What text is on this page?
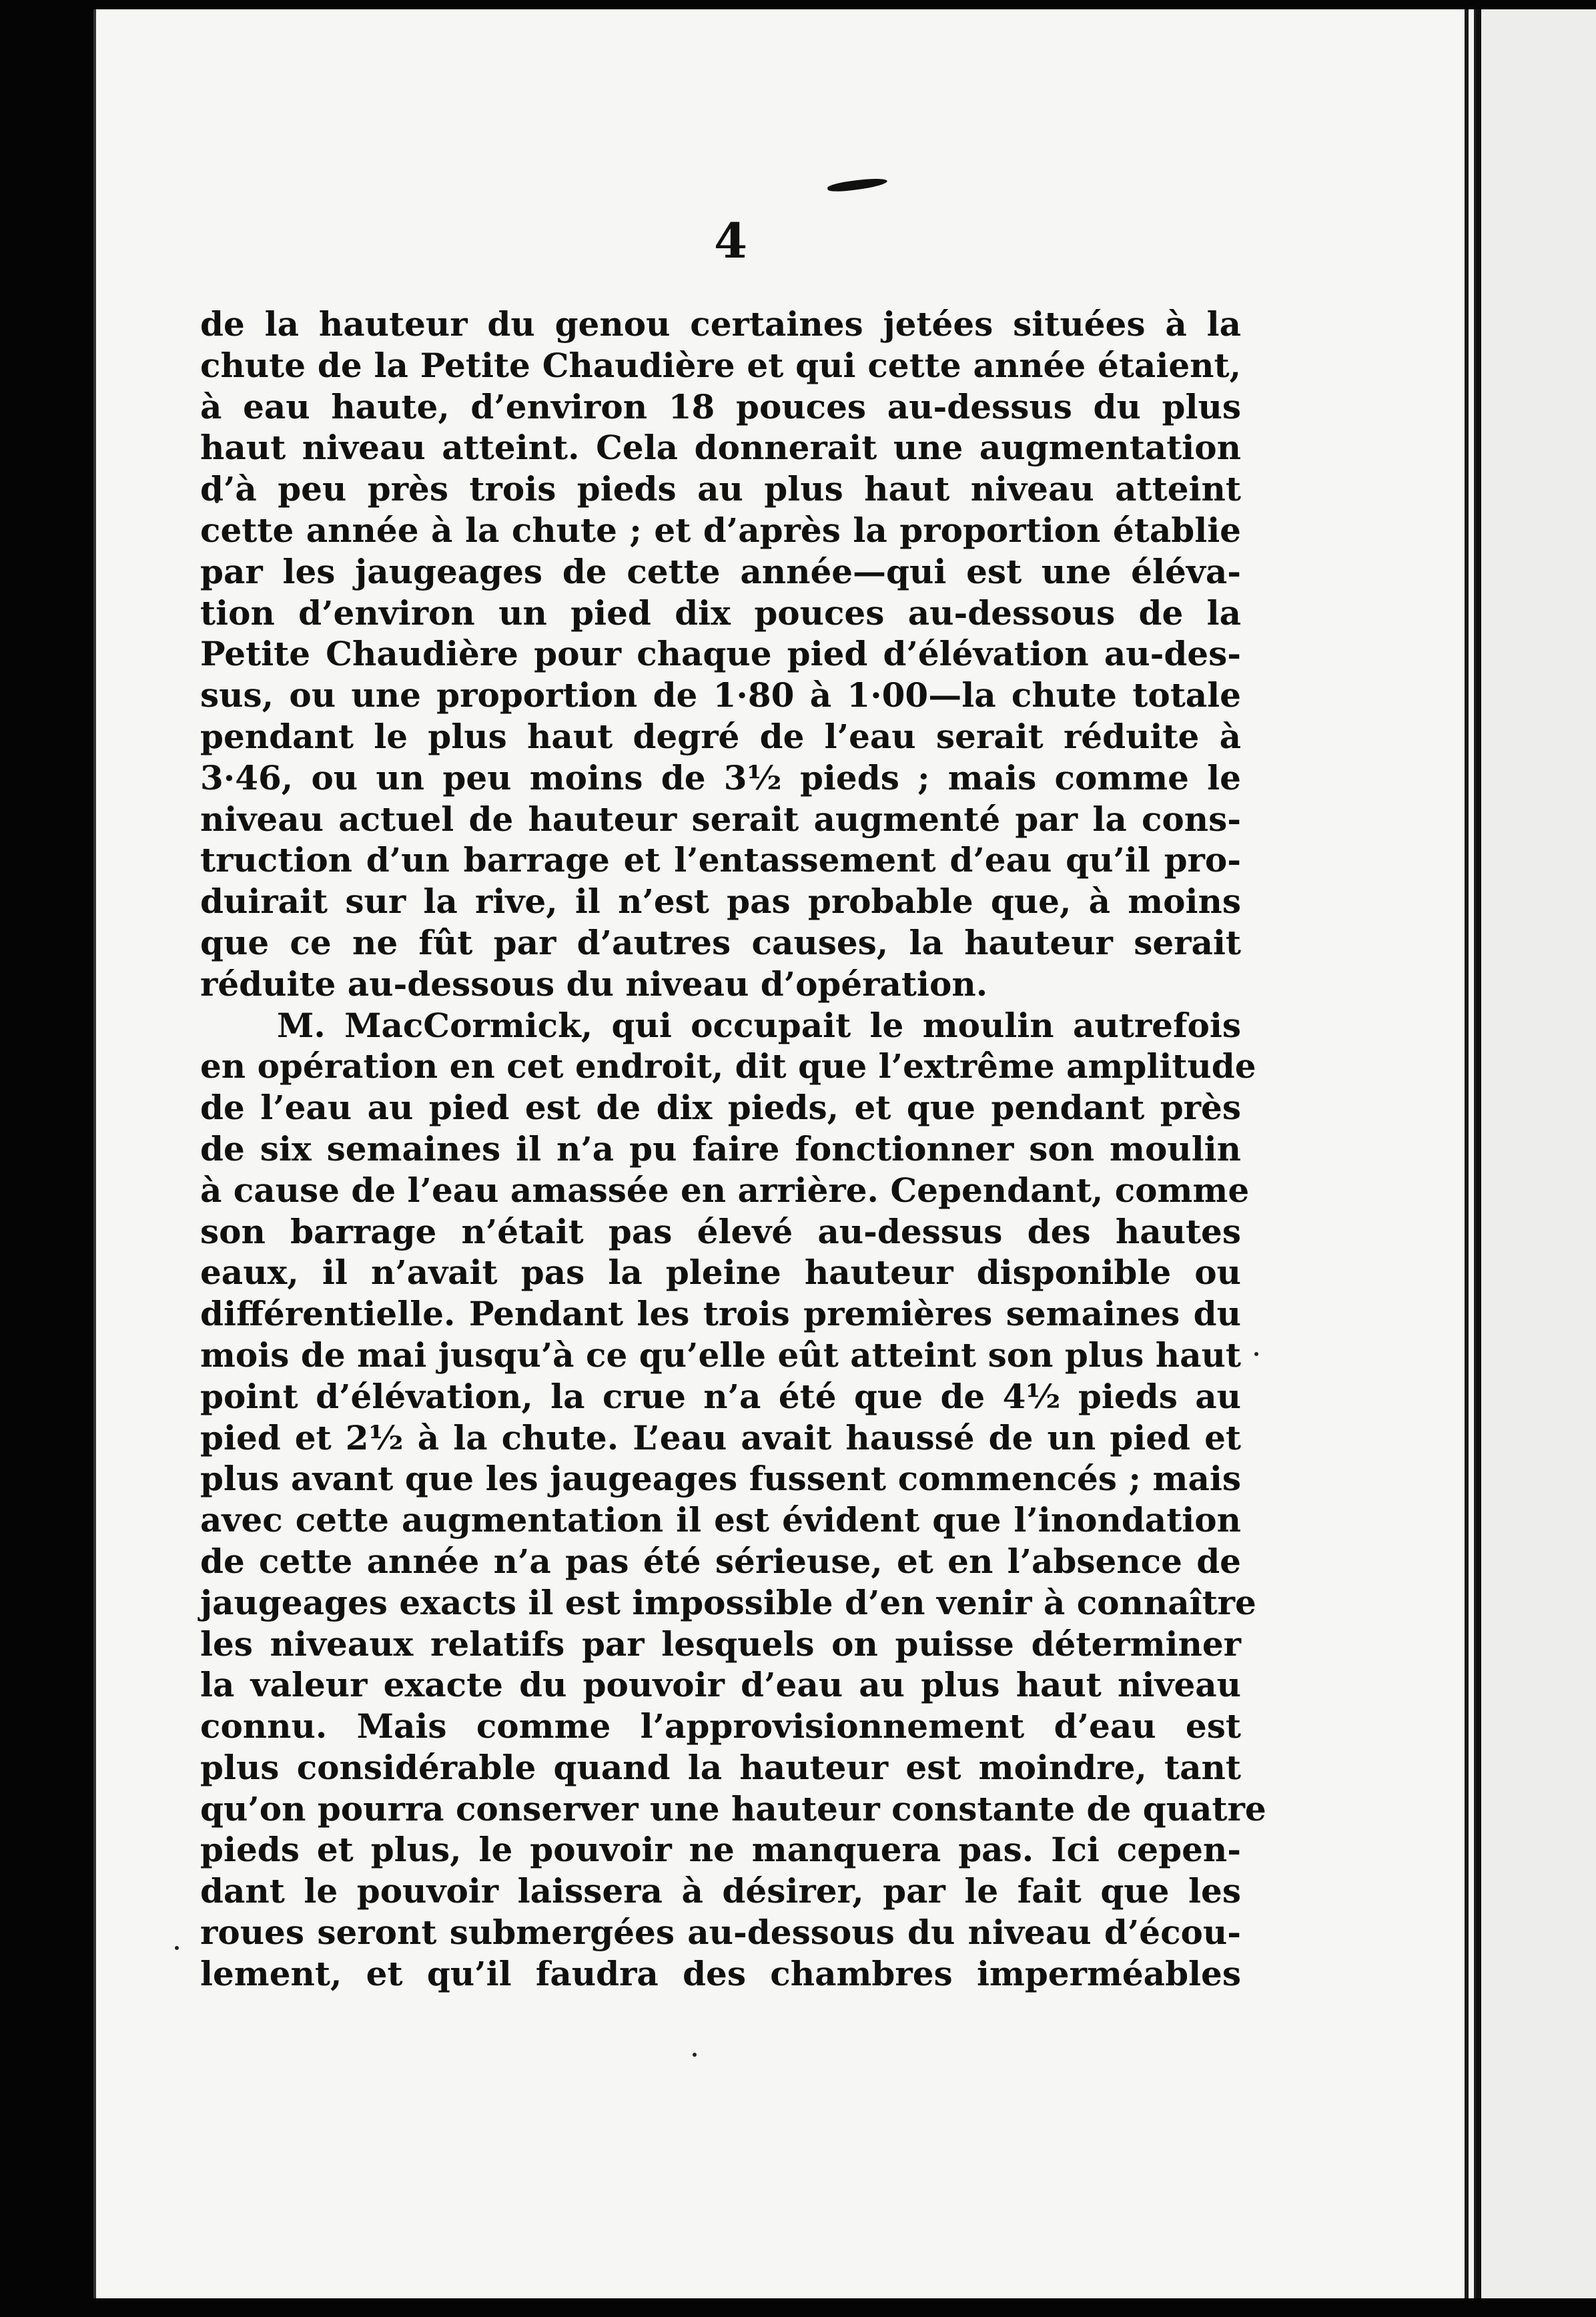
4
de la hauteur du genou certaines jetées situées à la
chute de la Petite Chaudière et qui cette année étaient,
à eau haute, d’environ 18 pouces au-dessus du plus
haut niveau atteint. Cela donnerait une augmentation
d’à peu près trois pieds au plus haut niveau atteint
cette année à la chute ; et d’après la proportion établie
par les jaugeages de cette année—qui est une éléva-
tion d’environ un pied dix pouces au-dessous de la
Petite Chaudière pour chaque pied d’élévation au-des-
sus, ou une proportion de 1·80 à 1·00—la chute totale
pendant le plus haut degré de l’eau serait réduite à
3·46, ou un peu moins de 3½ pieds ; mais comme le
niveau actuel de hauteur serait augmenté par la cons-
truction d’un barrage et l’entassement d’eau qu’il pro-
duirait sur la rive, il n’est pas probable que, à moins
que ce ne fût par d’autres causes, la hauteur serait
réduite au-dessous du niveau d’opération.
M. MacCormick, qui occupait le moulin autrefois
en opération en cet endroit, dit que l’extrême amplitude
de l’eau au pied est de dix pieds, et que pendant près
de six semaines il n’a pu faire fonctionner son moulin
à cause de l’eau amassée en arrière. Cependant, comme
son barrage n’était pas élevé au-dessus des hautes
eaux, il n’avait pas la pleine hauteur disponible ou
différentielle. Pendant les trois premières semaines du
mois de mai jusqu’à ce qu’elle eût atteint son plus haut
point d’élévation, la crue n’a été que de 4½ pieds au
pied et 2½ à la chute. L’eau avait haussé de un pied et
plus avant que les jaugeages fussent commencés ; mais
avec cette augmentation il est évident que l’inondation
de cette année n’a pas été sérieuse, et en l’absence de
jaugeages exacts il est impossible d’en venir à connaître
les niveaux relatifs par lesquels on puisse déterminer
la valeur exacte du pouvoir d’eau au plus haut niveau
connu. Mais comme l’approvisionnement d’eau est
plus considérable quand la hauteur est moindre, tant
qu’on pourra conserver une hauteur constante de quatre
pieds et plus, le pouvoir ne manquera pas. Ici cepen-
dant le pouvoir laissera à désirer, par le fait que les
roues seront submergées au-dessous du niveau d’écou-
lement, et qu’il faudra des chambres imperméables
